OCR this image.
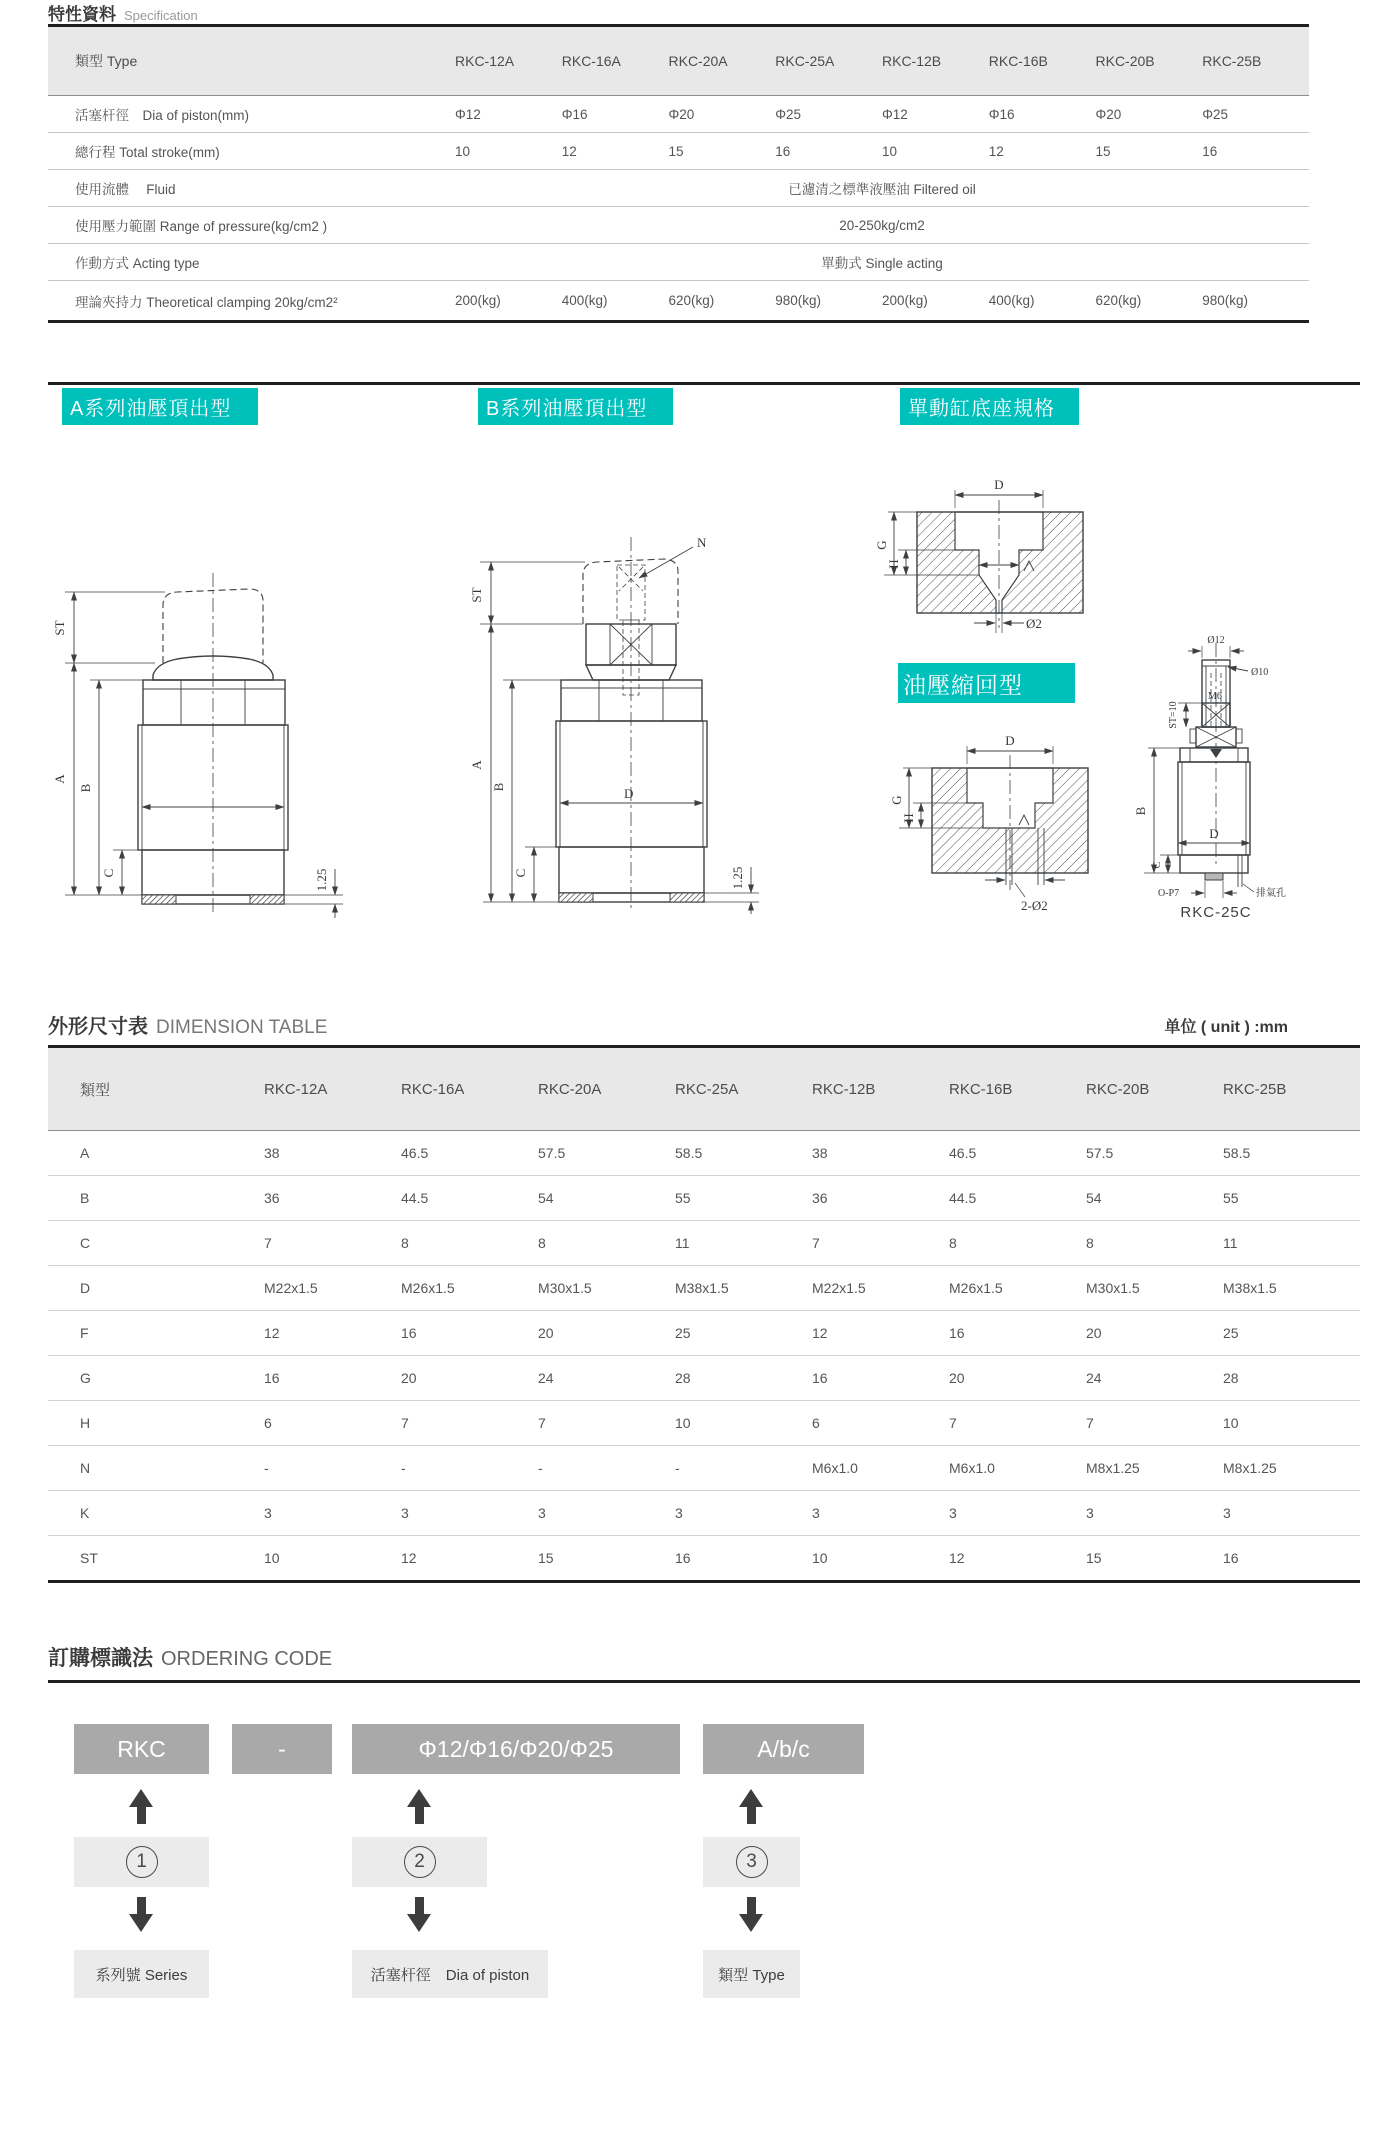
特性資料 Specification
類型 Type	RKC-12A	RKC-16A	RKC-20A	RKC-25A	RKC-12B	RKC-16B	RKC-20B	RKC-25B
活塞杆徑　Dia of piston(mm)	Φ12	Φ16	Φ20	Φ25	Φ12	Φ16	Φ20	Φ25
總行程 Total stroke(mm)	10	12	15	16	10	12	15	16
使用流體　 Fluid	已濾清之標準液壓油 Filtered oil
使用壓力範圍 Range of pressure(kg/cm2 )	20-250kg/cm2
作動方式 Acting type	單動式 Single acting
理論夾持力 Theoretical clamping 20kg/cm2²	200(kg)	400(kg)	620(kg)	980(kg)	200(kg)	400(kg)	620(kg)	980(kg)
A系列油壓頂出型	B系列油壓頂出型	單動缸底座規格
油壓縮回型
ST
A
B
C	1.25
N
D
ST
A
B
C	1.25
D
G
H
Ø2
D
G
H
2-Ø2
Ø12
Ø10
M6
ST=10
B
D
C
O-P7	排氣孔
RKC-25C
外形尺寸表 DIMENSION TABLE	单位 ( unit ) :mm
類型	RKC-12A	RKC-16A	RKC-20A	RKC-25A	RKC-12B	RKC-16B	RKC-20B	RKC-25B
A	38	46.5	57.5	58.5	38	46.5	57.5	58.5
B	36	44.5	54	55	36	44.5	54	55
C	7	8	8	11	7	8	8	11
D	M22x1.5	M26x1.5	M30x1.5	M38x1.5	M22x1.5	M26x1.5	M30x1.5	M38x1.5
F	12	16	20	25	12	16	20	25
G	16	20	24	28	16	20	24	28
H	6	7	7	10	6	7	7	10
N	-	-	-	-	M6x1.0	M6x1.0	M8x1.25	M8x1.25
K	3	3	3	3	3	3	3	3
ST	10	12	15	16	10	12	15	16
訂購標識法 ORDERING CODE
RKC	-	Φ12/Φ16/Φ20/Φ25	A/b/c
1
系列號 Series
2
活塞杆徑　Dia of piston
3
類型 Type
